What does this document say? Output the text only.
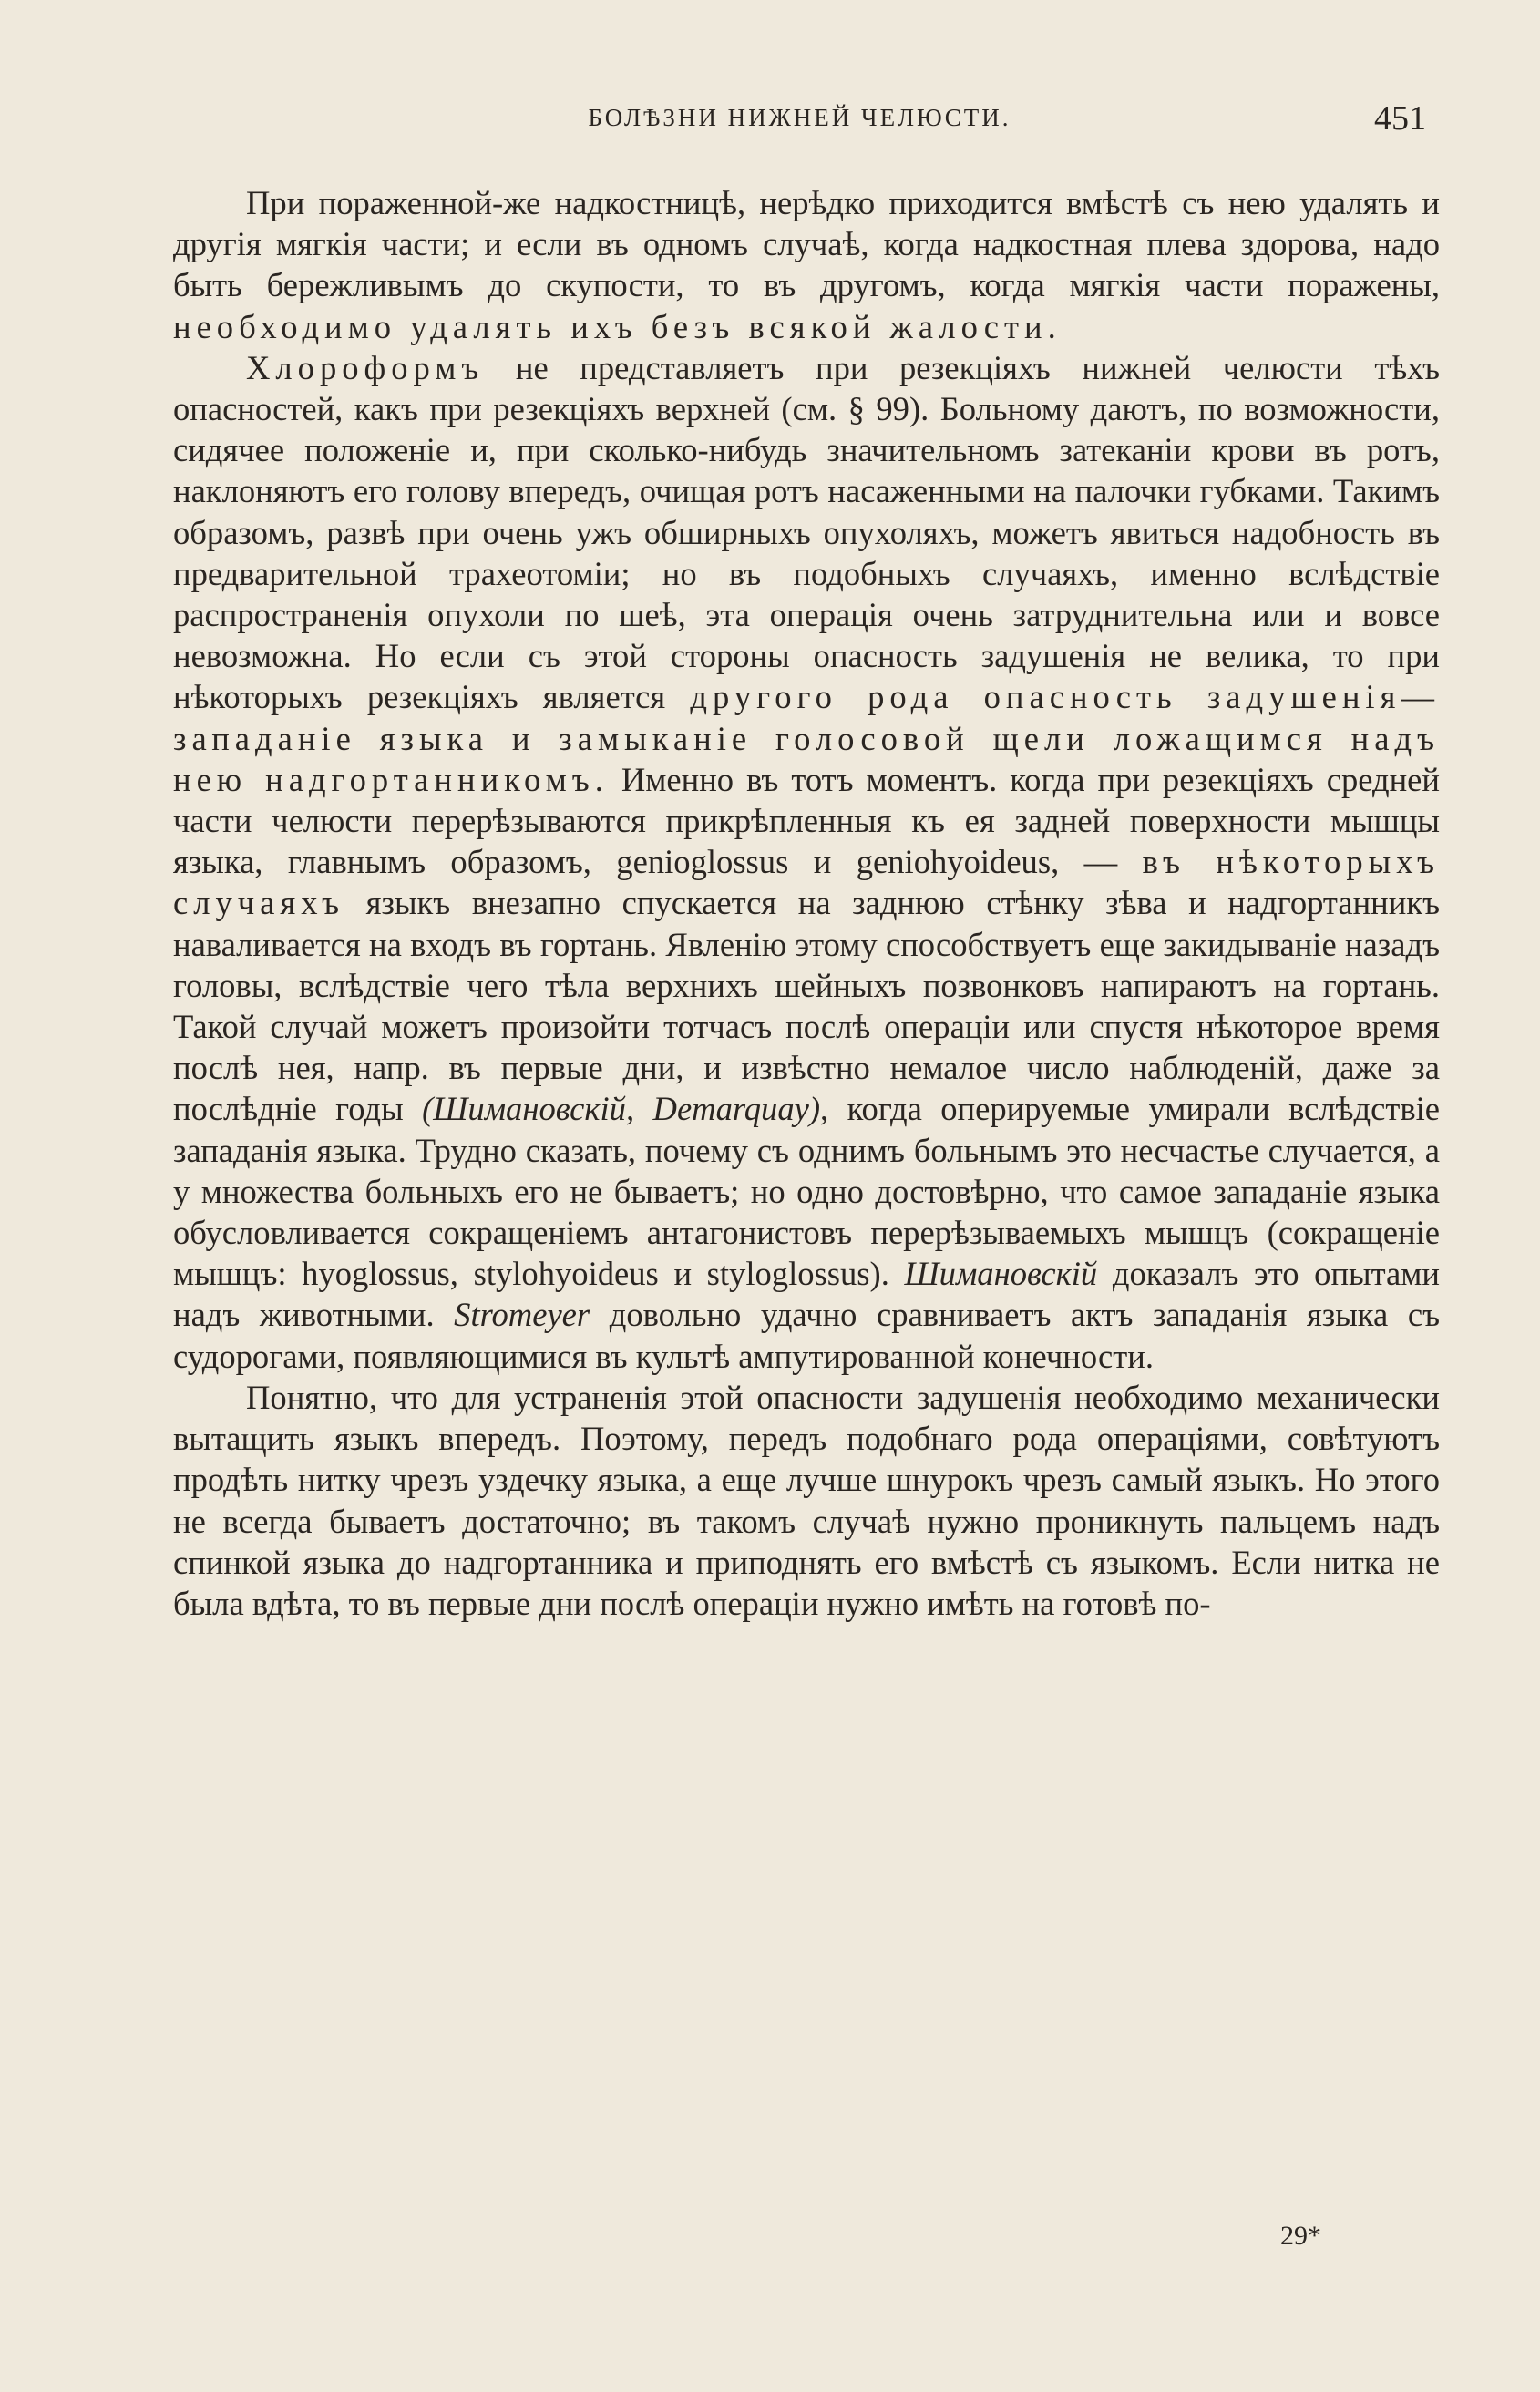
БОЛѢЗНИ НИЖНЕЙ ЧЕЛЮСТИ.	451

При пораженной-же надкостницѣ, нерѣдко приходится вмѣстѣ съ нею удалять и другія мягкія части; и если въ одномъ случаѣ, когда надкостная плева здорова, надо быть бережливымъ до скупости, то въ другомъ, когда мягкія части поражены, необходимо удалять ихъ безъ всякой жалости.

Хлороформъ не представляетъ при резекціяхъ нижней челюсти тѣхъ опасностей, какъ при резекціяхъ верхней (см. § 99). Больному даютъ, по возможности, сидячее положеніе и, при сколько-нибудь значительномъ затеканіи крови въ ротъ, наклоняютъ его голову впередъ, очищая ротъ насаженными на палочки губками. Такимъ образомъ, развѣ при очень ужъ обширныхъ опухоляхъ, можетъ явиться надобность въ предварительной трахеотоміи; но въ подобныхъ случаяхъ, именно вслѣдствіе распространенія опухоли по шеѣ, эта операція очень затруднительна или и вовсе невозможна. Но если съ этой стороны опасность задушенія не велика, то при нѣкоторыхъ резекціяхъ является другого рода опасность задушенія—западаніе языка и замыканіе голосовой щели ложащимся надъ нею надгортанникомъ. Именно въ тотъ моментъ. когда при резекціяхъ средней части челюсти перерѣзываются прикрѣпленныя къ ея задней поверхности мышцы языка, главнымъ образомъ, geniоglossus и geniohyoideus, — въ нѣкоторыхъ случаяхъ языкъ внезапно спускается на заднюю стѣнку зѣва и надгортанникъ наваливается на входъ въ гортань. Явленію этому способствуетъ еще закидываніе назадъ головы, вслѣдствіе чего тѣла верхнихъ шейныхъ позвонковъ напираютъ на гортань. Такой случай можетъ произойти тотчасъ послѣ операціи или спустя нѣкоторое время послѣ нея, напр. въ первые дни, и извѣстно немалое число наблюденій, даже за послѣдніе годы (Шимановскій, Dеmarquay), когда оперируемые умирали вслѣдствіе западанія языка. Трудно сказать, почему съ однимъ больнымъ это несчастье случается, а у множества больныхъ его не бываетъ; но одно достовѣрно, что самое западаніе языка обусловливается сокращеніемъ антагонистовъ перерѣзываемыхъ мышцъ (сокращеніе мышцъ: hyoglossus, stylohyoideus и styloglossus). Шимановскій доказалъ это опытами надъ животными. Stromeyer довольно удачно сравниваетъ актъ западанія языка съ судорогами, появляющимися въ культѣ ампутированной конечности.

Понятно, что для устраненія этой опасности задушенія необходимо механически вытащить языкъ впередъ. Поэтому, передъ подобнаго рода операціями, совѣтуютъ продѣть нитку чрезъ уздечку языка, а еще лучше шнурокъ чрезъ самый языкъ. Но этого не всегда бываетъ достаточно; въ такомъ случаѣ нужно проникнуть пальцемъ надъ спинкой языка до надгортанника и приподнять его вмѣстѣ съ языкомъ. Если нитка не была вдѣта, то въ первые дни послѣ операціи нужно имѣть на готовѣ по-

29*
